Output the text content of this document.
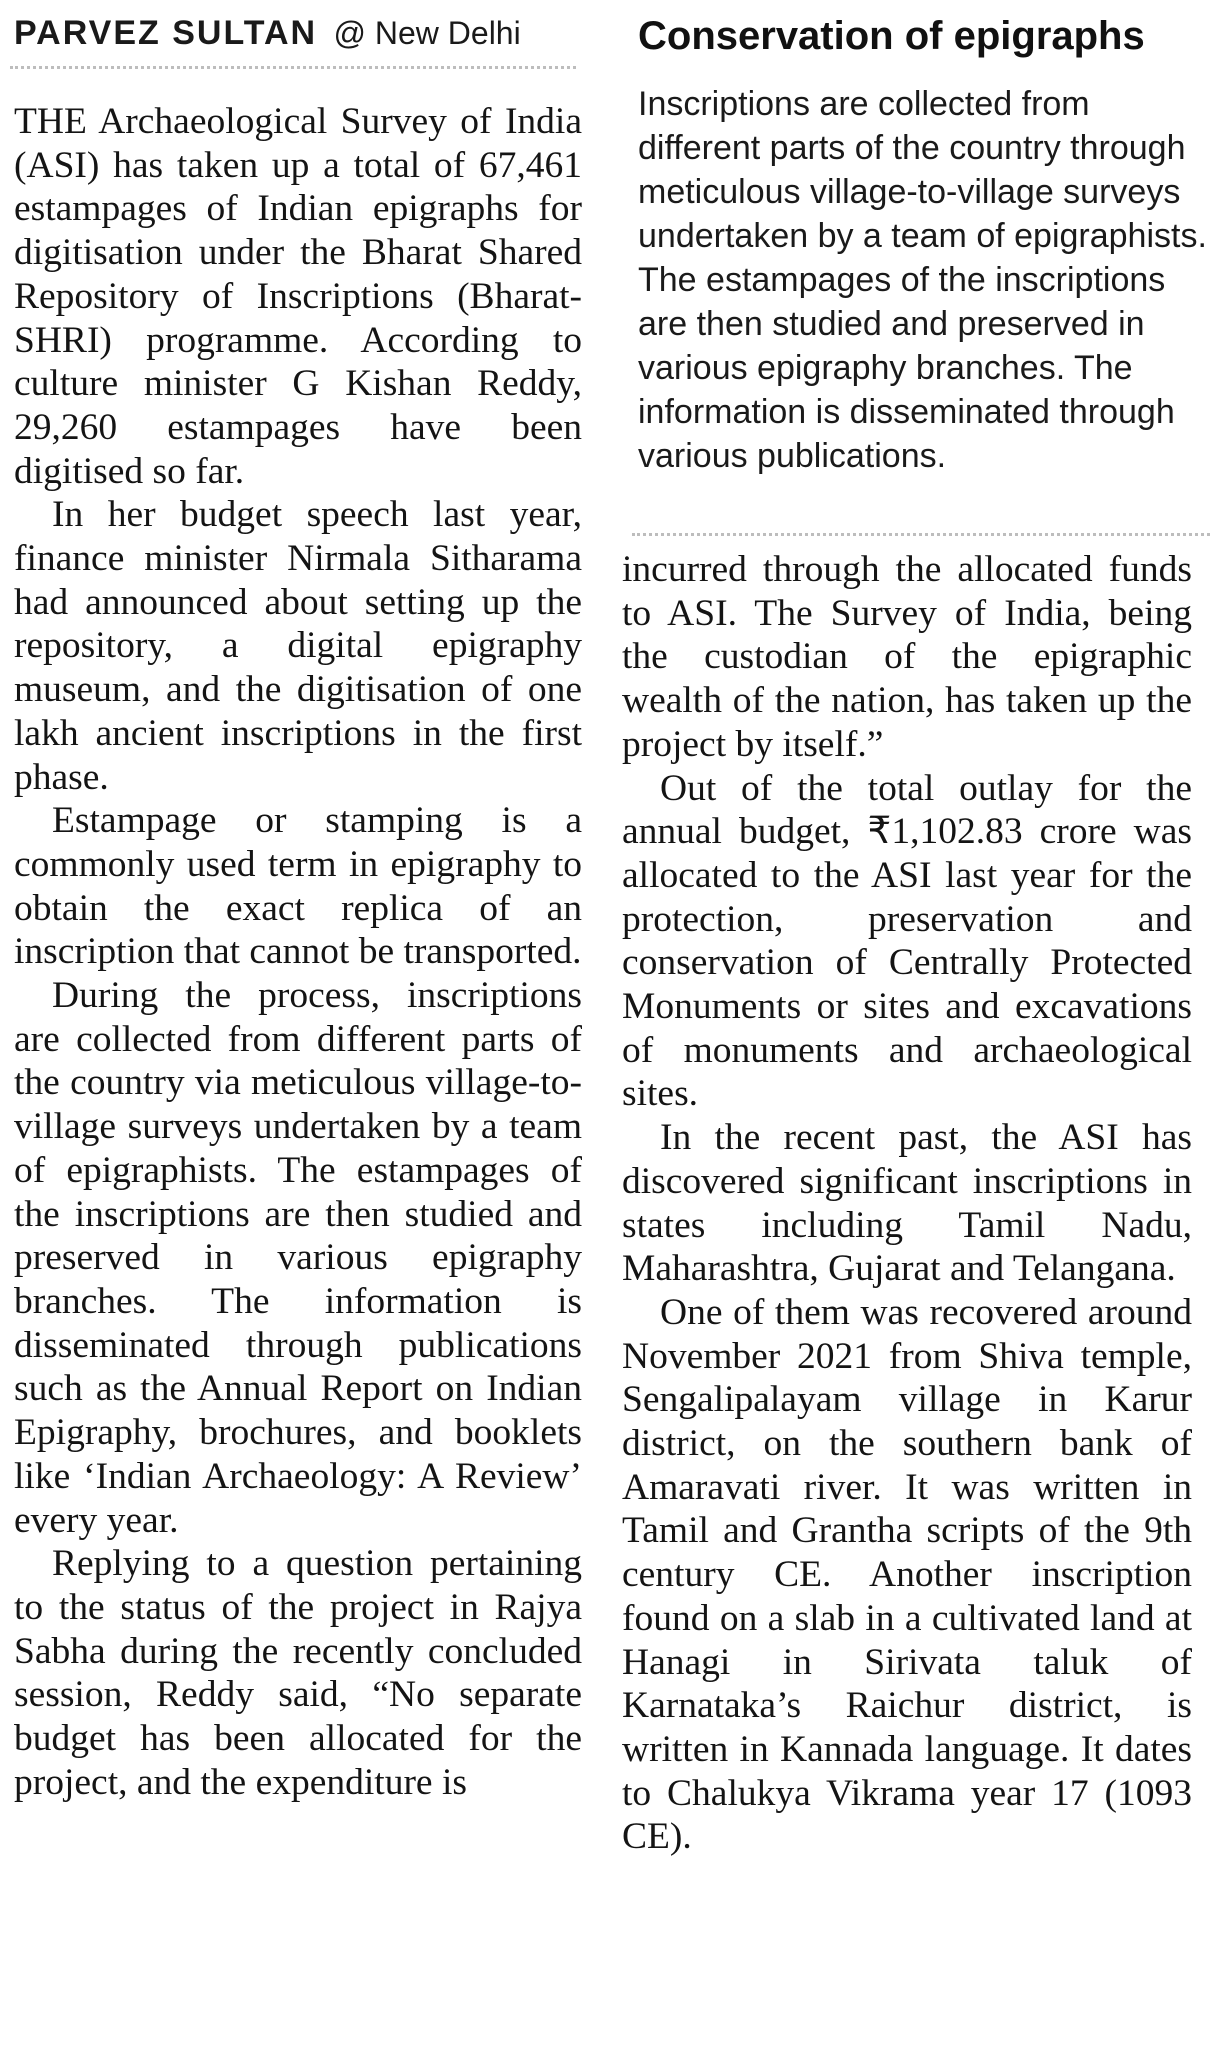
PARVEZ SULTAN @ New Delhi

THE Archaeological Survey of India (ASI) has taken up a total of 67,461 estampages of Indian epigraphs for digitisation under the Bharat Shared Repository of Inscriptions (Bharat-SHRI) programme. According to culture minister G Kishan Reddy, 29,260 estampages have been digitised so far.

In her budget speech last year, finance minister Nirmala Sitharama had announced about setting up the repository, a digital epigraphy museum, and the digitisation of one lakh ancient inscriptions in the first phase.

Estampage or stamping is a commonly used term in epigraphy to obtain the exact replica of an inscription that cannot be transported.

During the process, inscriptions are collected from different parts of the country via meticulous village-to-village surveys undertaken by a team of epigraphists. The estampages of the inscriptions are then studied and preserved in various epigraphy branches. The information is disseminated through publications such as the Annual Report on Indian Epigraphy, brochures, and booklets like ‘Indian Archaeology: A Review’ every year.

Replying to a question pertaining to the status of the project in Rajya Sabha during the recently concluded session, Reddy said, “No separate budget has been allocated for the project, and the expenditure is

Conservation of epigraphs
Inscriptions are collected from different parts of the country through meticulous village-to-village surveys undertaken by a team of epigraphists. The estampages of the inscriptions are then studied and preserved in various epigraphy branches. The information is disseminated through various publications.

incurred through the allocated funds to ASI. The Survey of India, being the custodian of the epigraphic wealth of the nation, has taken up the project by itself.”

Out of the total outlay for the annual budget, ₹1,102.83 crore was allocated to the ASI last year for the protection, preservation and conservation of Centrally Protected Monuments or sites and excavations of monuments and archaeological sites.

In the recent past, the ASI has discovered significant inscriptions in states including Tamil Nadu, Maharashtra, Gujarat and Telangana.

One of them was recovered around November 2021 from Shiva temple, Sengalipalayam village in Karur district, on the southern bank of Amaravati river. It was written in Tamil and Grantha scripts of the 9th century CE. Another inscription found on a slab in a cultivated land at Hanagi in Sirivata taluk of Karnataka’s Raichur district, is written in Kannada language. It dates to Chalukya Vikrama year 17 (1093 CE).
